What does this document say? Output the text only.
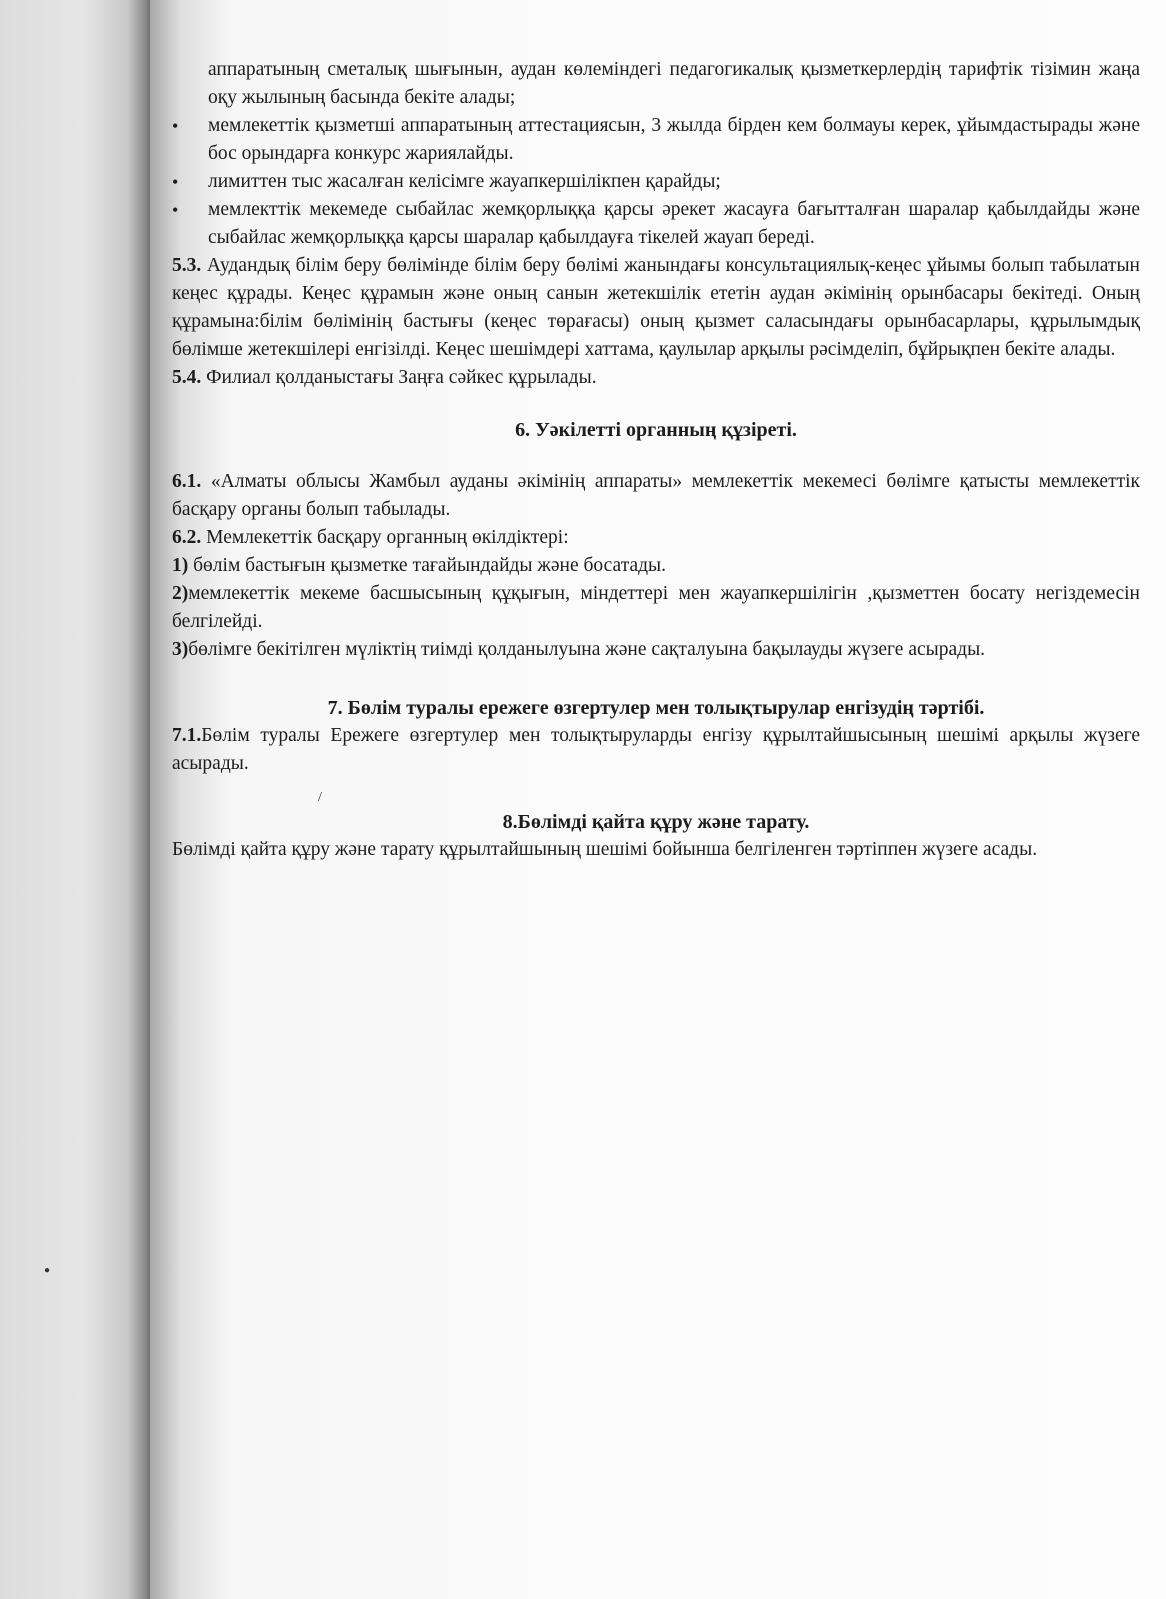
аппаратының сметалық шығынын, аудан көлеміндегі педагогикалық қызметкерлердің тарифтік тізімин жаңа оқу жылының басында бекіте алады;

• мемлекеттік қызметші аппаратының аттестациясын, 3 жылда бірден кем болмауы керек, ұйымдастырады және бос орындарға конкурс жариялайды.
• лимиттен тыс жасалған келісімге жауапкершілікпен қарайды;
• мемлекттік мекемеде сыбайлас жемқорлыққа қарсы әрекет жасауға бағытталған шаралар қабылдайды және сыбайлас жемқорлыққа қарсы шаралар қабылдауға тікелей жауап береді.

5.3. Аудандық білім беру бөлімінде білім беру бөлімі жанындағы консультациялық-кеңес ұйымы болып табылатын кеңес құрады. Кеңес құрамын және оның санын жетекшілік ететін аудан әкімінің орынбасары бекітеді. Оның құрамына:білім бөлімінің бастығы (кеңес төрағасы) оның қызмет саласындағы орынбасарлары, құрылымдық бөлімше жетекшілері енгізілді. Кеңес шешімдері хаттама, қаулылар арқылы рәсімделіп, бұйрықпен бекіте алады.

5.4. Филиал қолданыстағы Заңға сәйкес құрылады.

6. Уәкілетті органның құзіреті.

6.1. «Алматы облысы Жамбыл ауданы әкімінің аппараты» мемлекеттік мекемесі бөлімге қатысты мемлекеттік басқару органы болып табылады.

6.2. Мемлекеттік басқару органның өкілдіктері:

1) бөлім бастығын қызметке тағайындайды және босатады.

2)мемлекеттік мекеме басшысының құқығын, міндеттері мен жауапкершілігін ,қызметтен босату негіздемесін белгілейді.

3)бөлімге бекітілген мүліктің тиімді қолданылуына және сақталуына бақылауды жүзеге асырады.

7. Бөлім туралы ережеге өзгертулер мен толықтырулар енгізудің тәртібі.

7.1.Бөлім туралы Ережеге өзгертулер мен толықтыруларды енгізу құрылтайшысының шешімі арқылы жүзеге асырады.

8.Бөлімді қайта құру және тарату.

Бөлімді қайта құру және тарату құрылтайшының шешімі бойынша белгіленген тәртіппен жүзеге асады.

/
●
